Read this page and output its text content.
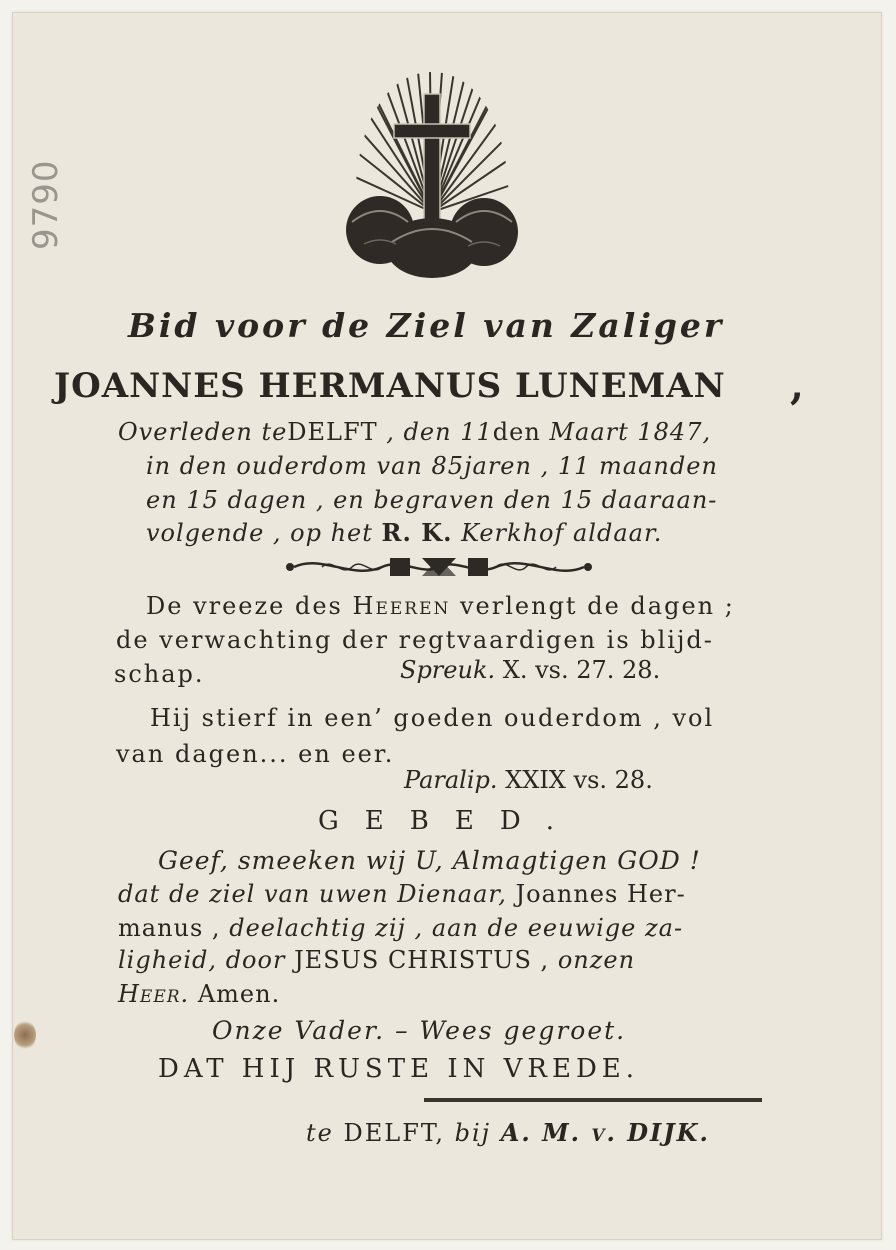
9790
Bid voor de Ziel van Zaliger
JOANNES HERMANUS LUNEMAN ,
Overleden teDELFT , den 11den Maart 1847,
in den ouderdom van 85jaren , 11 maanden
en 15 dagen , en begraven den 15 daaraan-
volgende , op het R. K. Kerkhof aldaar.
De vreeze des Heeren verlengt de dagen ;
de verwachting der regtvaardigen is blijd-
schap.	Spreuk. X. vs. 27. 28.
Hij stierf in een’ goeden ouderdom , vol
van dagen... en eer.
Paralip. XXIX vs. 28.
GEBED.
Geef, smeeken wij U, Almagtigen GOD !
dat de ziel van uwen Dienaar, Joannes Her-
manus , deelachtig zij , aan de eeuwige za-
ligheid, door JESUS CHRISTUS , onzen
Heer. Amen.
Onze Vader. – Wees gegroet.
DAT HIJ RUSTE IN VREDE.
te DELFT, bij A. M. v. DIJK.
